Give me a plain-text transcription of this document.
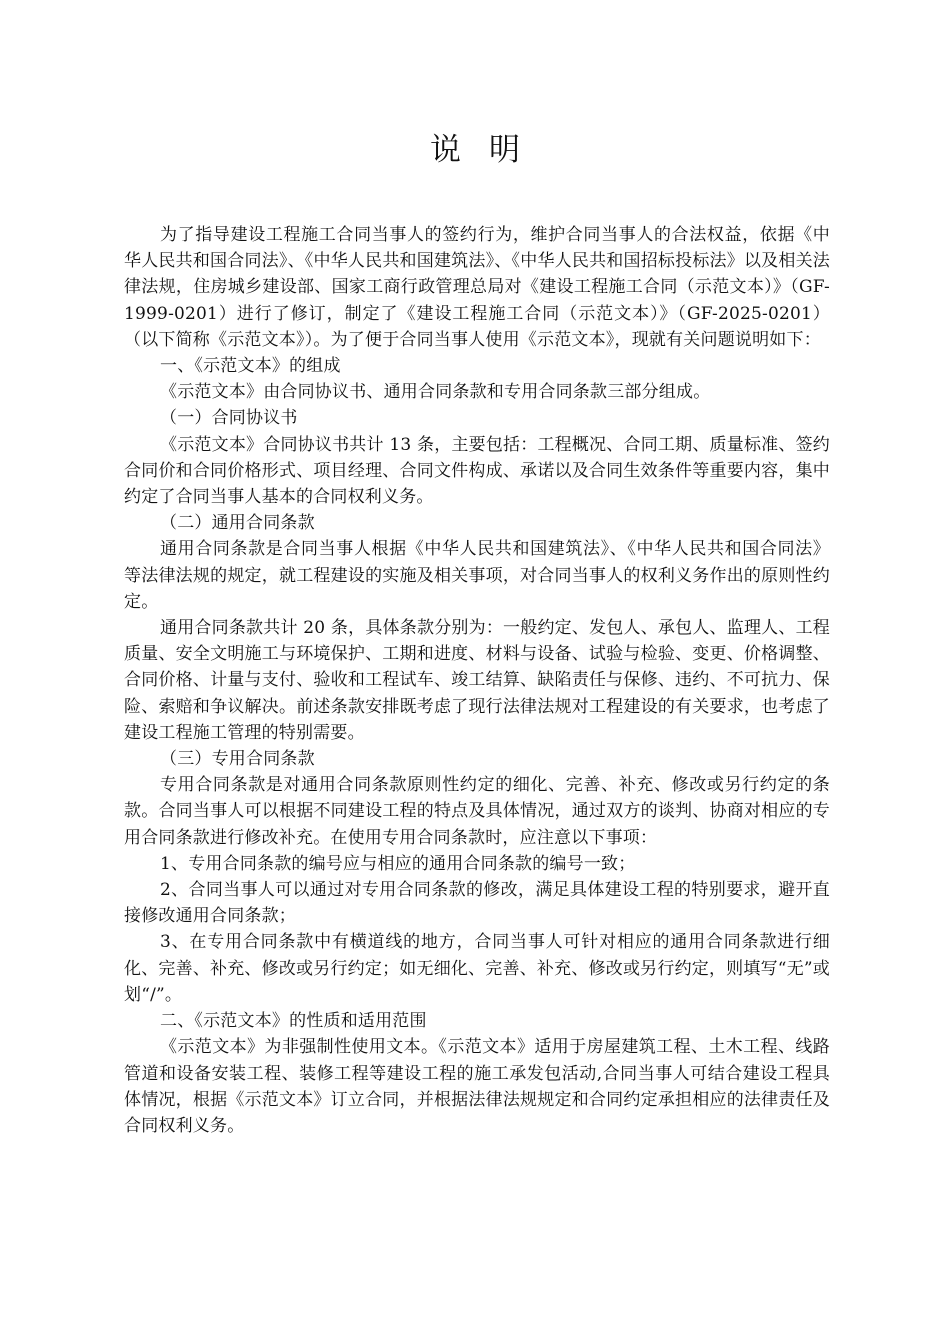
说明

为了指导建设工程施工合同当事人的签约行为，维护合同当事人的合法权益，依据《中华人民共和国合同法》、《中华人民共和国建筑法》、《中华人民共和国招标投标法》以及相关法律法规，住房城乡建设部、国家工商行政管理总局对《建设工程施工合同（示范文本）》（GF-1999-0201）进行了修订，制定了《建设工程施工合同（示范文本）》（GF-2025-0201）（以下简称《示范文本》）。为了便于合同当事人使用《示范文本》，现就有关问题说明如下：

一、《示范文本》的组成

《示范文本》由合同协议书、通用合同条款和专用合同条款三部分组成。

（一）合同协议书

《示范文本》合同协议书共计 13 条，主要包括：工程概况、合同工期、质量标准、签约合同价和合同价格形式、项目经理、合同文件构成、承诺以及合同生效条件等重要内容，集中约定了合同当事人基本的合同权利义务。

（二）通用合同条款

通用合同条款是合同当事人根据《中华人民共和国建筑法》、《中华人民共和国合同法》等法律法规的规定，就工程建设的实施及相关事项，对合同当事人的权利义务作出的原则性约定。

通用合同条款共计 20 条，具体条款分别为：一般约定、发包人、承包人、监理人、工程质量、安全文明施工与环境保护、工期和进度、材料与设备、试验与检验、变更、价格调整、合同价格、计量与支付、验收和工程试车、竣工结算、缺陷责任与保修、违约、不可抗力、保险、索赔和争议解决。前述条款安排既考虑了现行法律法规对工程建设的有关要求，也考虑了建设工程施工管理的特别需要。

（三）专用合同条款

专用合同条款是对通用合同条款原则性约定的细化、完善、补充、修改或另行约定的条款。合同当事人可以根据不同建设工程的特点及具体情况，通过双方的谈判、协商对相应的专用合同条款进行修改补充。在使用专用合同条款时，应注意以下事项：

1、专用合同条款的编号应与相应的通用合同条款的编号一致；

2、合同当事人可以通过对专用合同条款的修改，满足具体建设工程的特别要求，避开直接修改通用合同条款；

3、在专用合同条款中有横道线的地方，合同当事人可针对相应的通用合同条款进行细化、完善、补充、修改或另行约定；如无细化、完善、补充、修改或另行约定，则填写“无”或划“/”。

二、《示范文本》的性质和适用范围

《示范文本》为非强制性使用文本。《示范文本》适用于房屋建筑工程、土木工程、线路管道和设备安装工程、装修工程等建设工程的施工承发包活动,合同当事人可结合建设工程具体情况，根据《示范文本》订立合同，并根据法律法规规定和合同约定承担相应的法律责任及合同权利义务。
